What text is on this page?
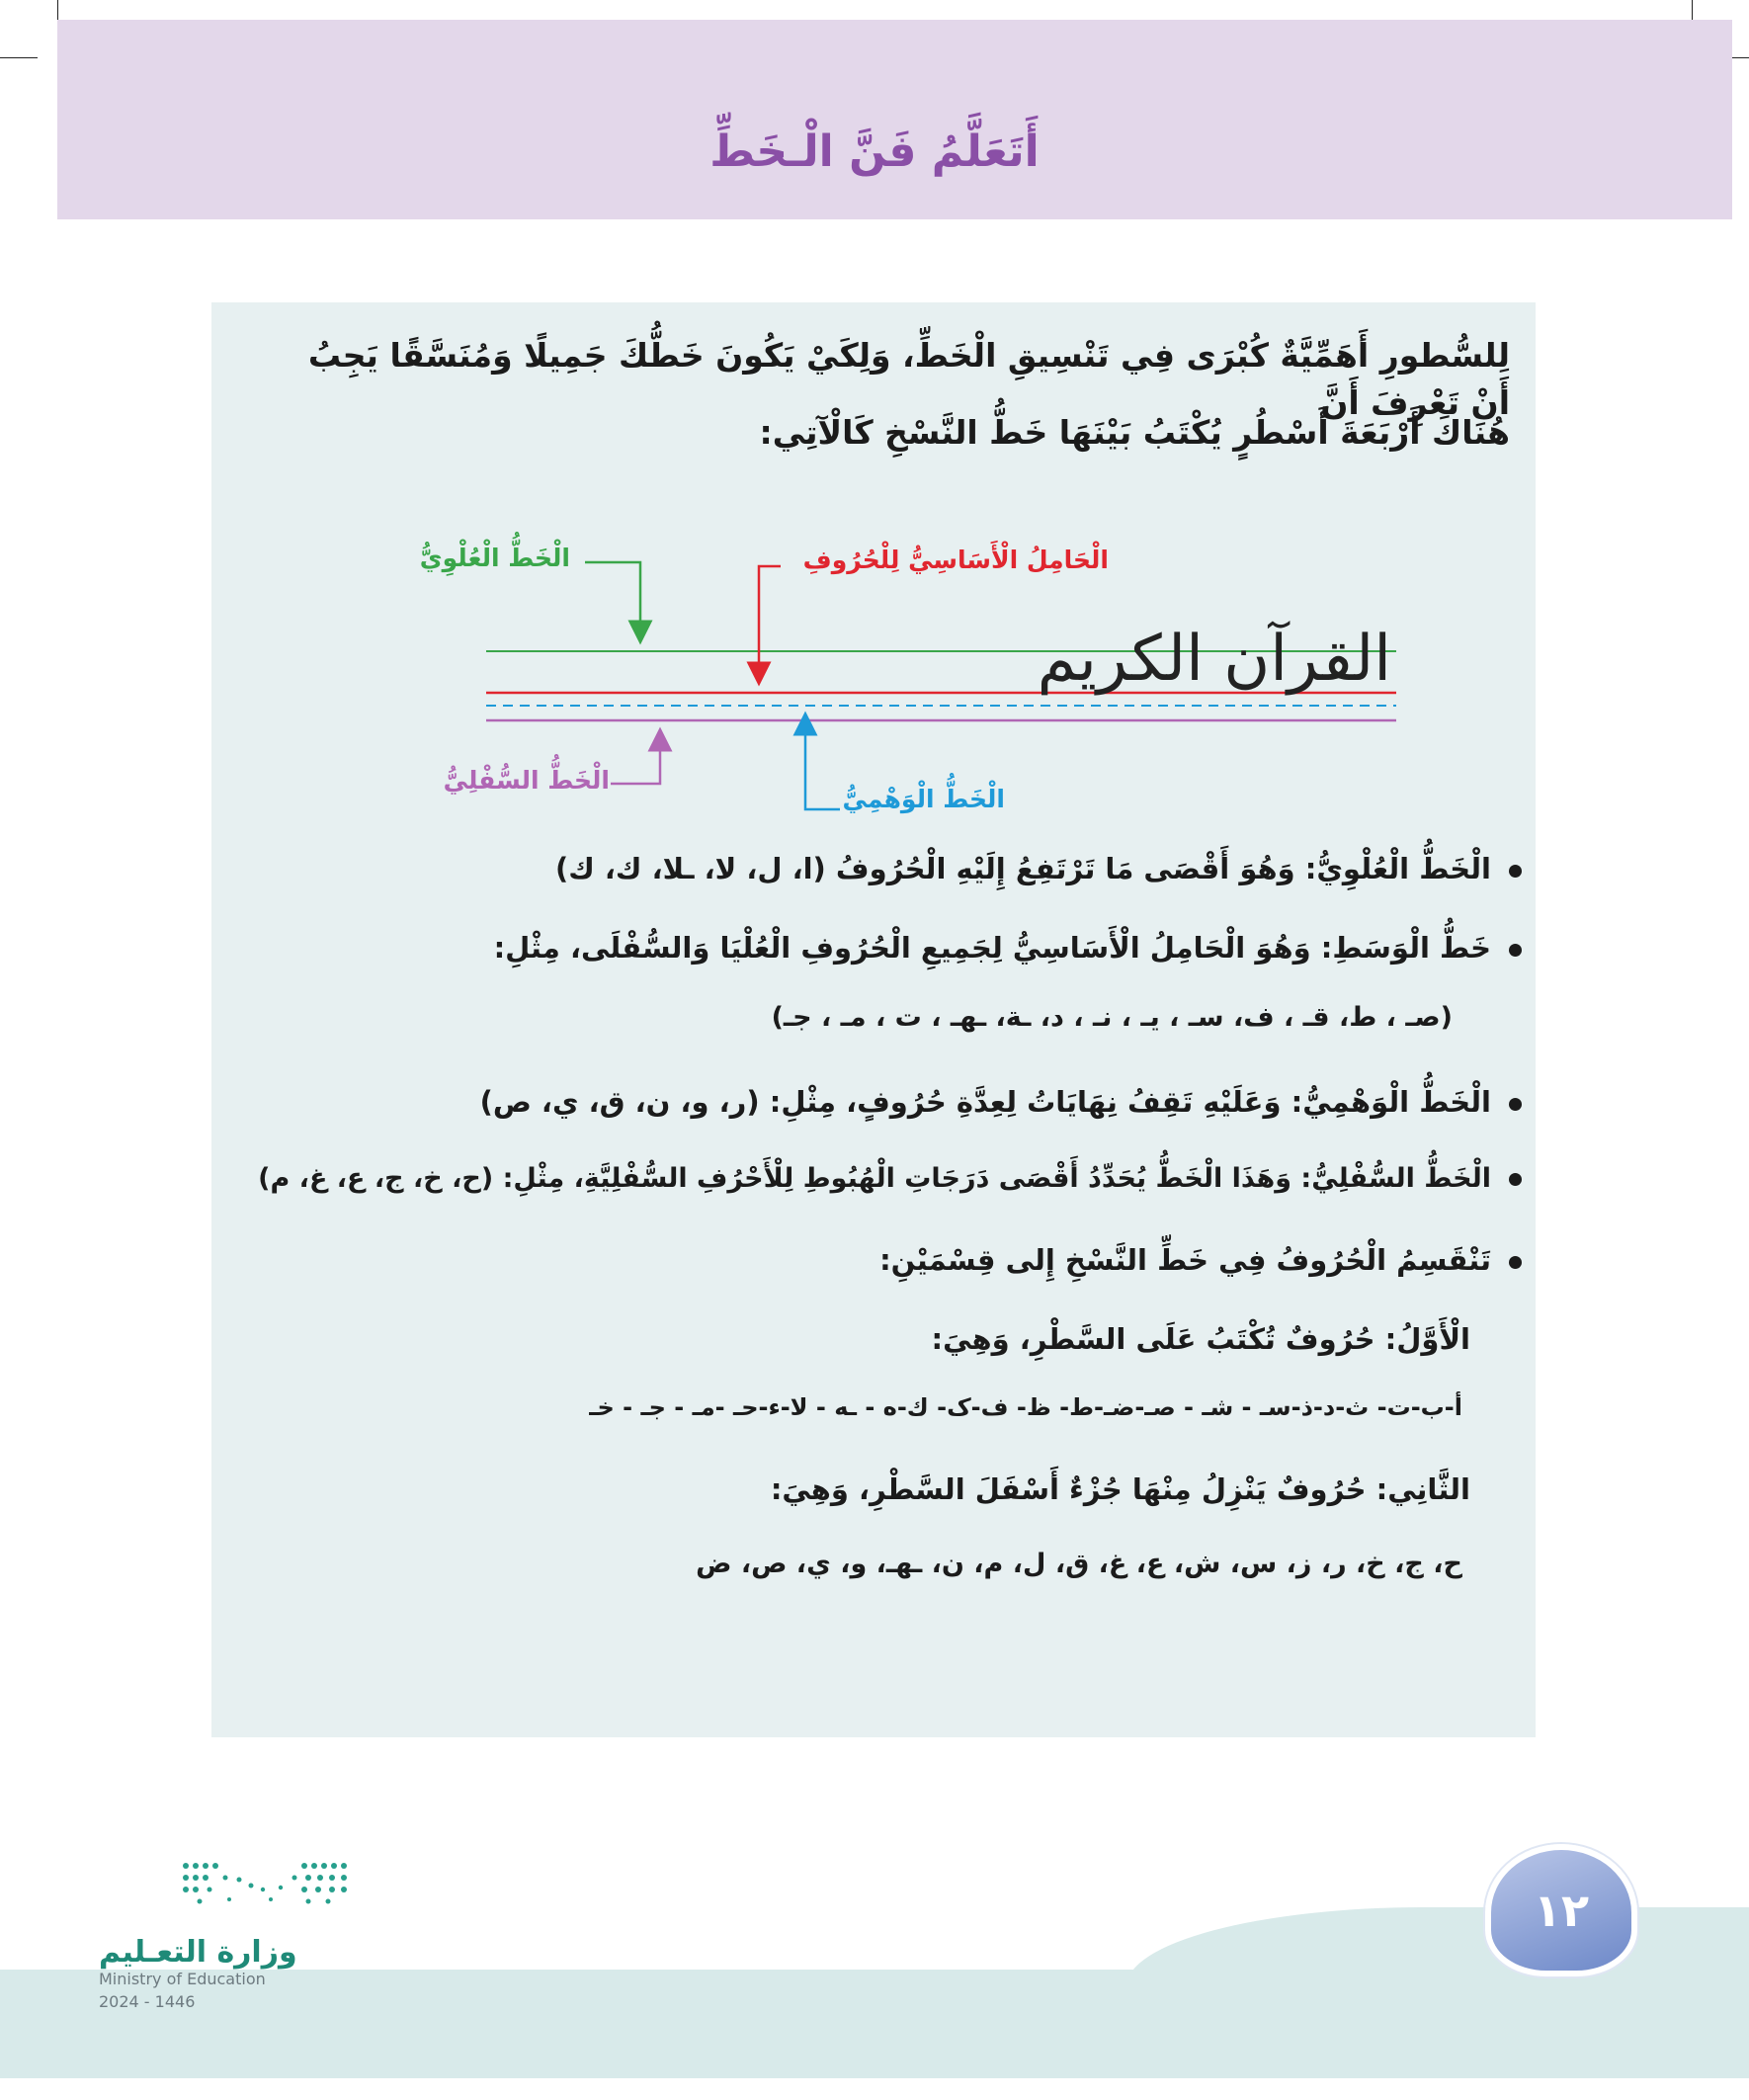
أَتَعَلَّمُ فَنَّ الْـخَطِّ
لِلسُّطورِ أَهَمِّيَّةٌ كُبْرَى فِي تَنْسِيقِ الْخَطِّ، وَلِكَيْ يَكُونَ خَطُّكَ جَمِيلًا وَمُنَسَّقًا يَجِبُ أَنْ تَعْرِفَ أَنَّ
هُنَاكَ أَرْبَعَةَ أَسْطُرٍ يُكْتَبُ بَيْنَهَا خَطُّ النَّسْخِ كَالْآتِي:
القرآن الكريم
الْخَطُّ الْعُلْوِيُّ	الْحَامِلُ الْأَسَاسِيُّ لِلْحُرُوفِ
الْخَطُّ السُّفْلِيُّ
الْخَطُّ الْوَهْمِيُّ
الْخَطُّ الْعُلْوِيُّ: وَهُوَ أَقْصَى مَا تَرْتَفِعُ إِلَيْهِ الْحُرُوفُ (ا، ل، لا، ـلا، ك، ك)
خَطُّ الْوَسَطِ: وَهُوَ الْحَامِلُ الْأَسَاسِيُّ لِجَمِيعِ الْحُرُوفِ الْعُلْيَا وَالسُّفْلَى، مِثْلِ:
(صـ ، ط، قـ ، ف، سـ ، يـ ، نـ ، د، ـة، ـهـ ، ت ، مـ ، جـ)
الْخَطُّ الْوَهْمِيُّ: وَعَلَيْهِ تَقِفُ نِهَايَاتُ لِعِدَّةِ حُرُوفٍ، مِثْلِ: (ر، و، ن، ق، ي، ص)
الْخَطُّ السُّفْلِيُّ: وَهَذَا الْخَطُّ يُحَدِّدُ أَقْصَى دَرَجَاتِ الْهُبُوطِ لِلْأَحْرُفِ السُّفْلِيَّةِ، مِثْلِ: (ح، خ، ج، ع، غ، م)
تَنْقَسِمُ الْحُرُوفُ فِي خَطِّ النَّسْخِ إِلى قِسْمَيْنِ:
الْأَوَّلُ: حُرُوفٌ تُكْتَبُ عَلَى السَّطْرِ، وَهِيَ:
أ-ب-ت- ث-د-ذ-سـ - شـ - صـ-ضـ-ط- ظ- ف-ک- ك-ه - ـه - لا-ء-حـ -مـ - جـ - خـ
الثَّانِي: حُرُوفٌ يَنْزِلُ مِنْهَا جُزْءٌ أَسْفَلَ السَّطْرِ، وَهِيَ:
ح، ج، خ، ر، ز، س، ش، ع، غ، ق، ل، م، ن، ـهـ، و، ي، ص، ض
١٢
وزارة التعـليم
Ministry of Education
2024 - 1446
